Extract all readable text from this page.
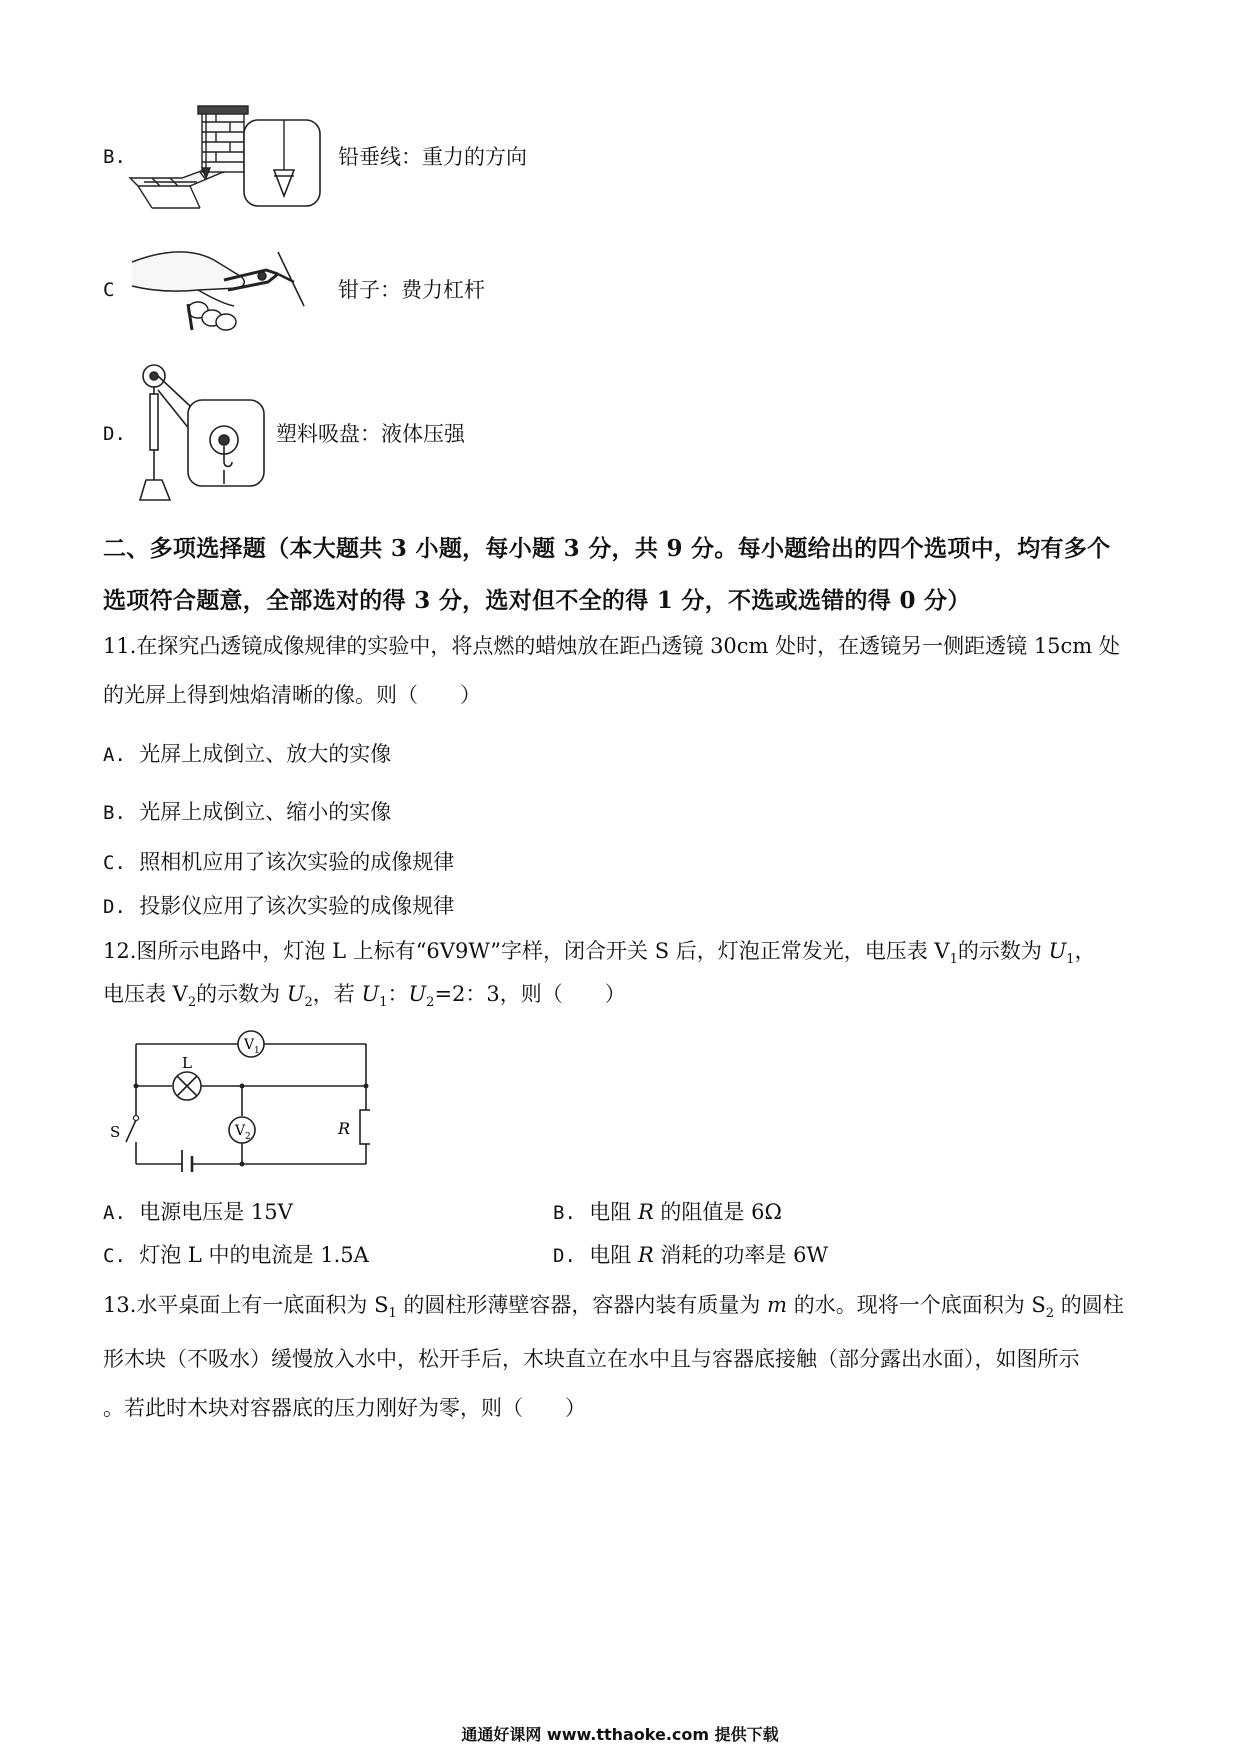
B.	铅垂线：重力的方向
C	钳子：费力杠杆
D.	塑料吸盘：液体压强
二、多项选择题（本大题共 3 小题，每小题 3 分，共 9 分。每小题给出的四个选项中，均有多个
选项符合题意，全部选对的得 3 分，选对但不全的得 1 分，不选或选错的得 0 分）
11.在探究凸透镜成像规律的实验中，将点燃的蜡烛放在距凸透镜 30cm 处时，在透镜另一侧距透镜 15cm 处
的光屏上得到烛焰清晰的像。则（　　）
A. 光屏上成倒立、放大的实像
B. 光屏上成倒立、缩小的实像
C. 照相机应用了该次实验的成像规律
D. 投影仪应用了该次实验的成像规律
12.图所示电路中，灯泡 L 上标有“6V9W”字样，闭合开关 S 后，灯泡正常发光，电压表 $V_1$的示数为 $U_1$，
电压表 $V_2$的示数为 $U_2$，若 $U_1$：$U_2=2$：3，则（　　）
V 1
V 2
L
S	R
A. 电源电压是 15V	B. 电阻 R 的阻值是 6Ω
C. 灯泡 L 中的电流是 1.5A	D. 电阻 R 消耗的功率是 6W
13.水平桌面上有一底面积为 $S_1$ 的圆柱形薄壁容器，容器内装有质量为 m 的水。现将一个底面积为 $S_2$ 的圆柱
形木块（不吸水）缓慢放入水中，松开手后，木块直立在水中且与容器底接触（部分露出水面），如图所示
。若此时木块对容器底的压力刚好为零，则（　　）
通通好课网 www.tthaoke.com 提供下载
